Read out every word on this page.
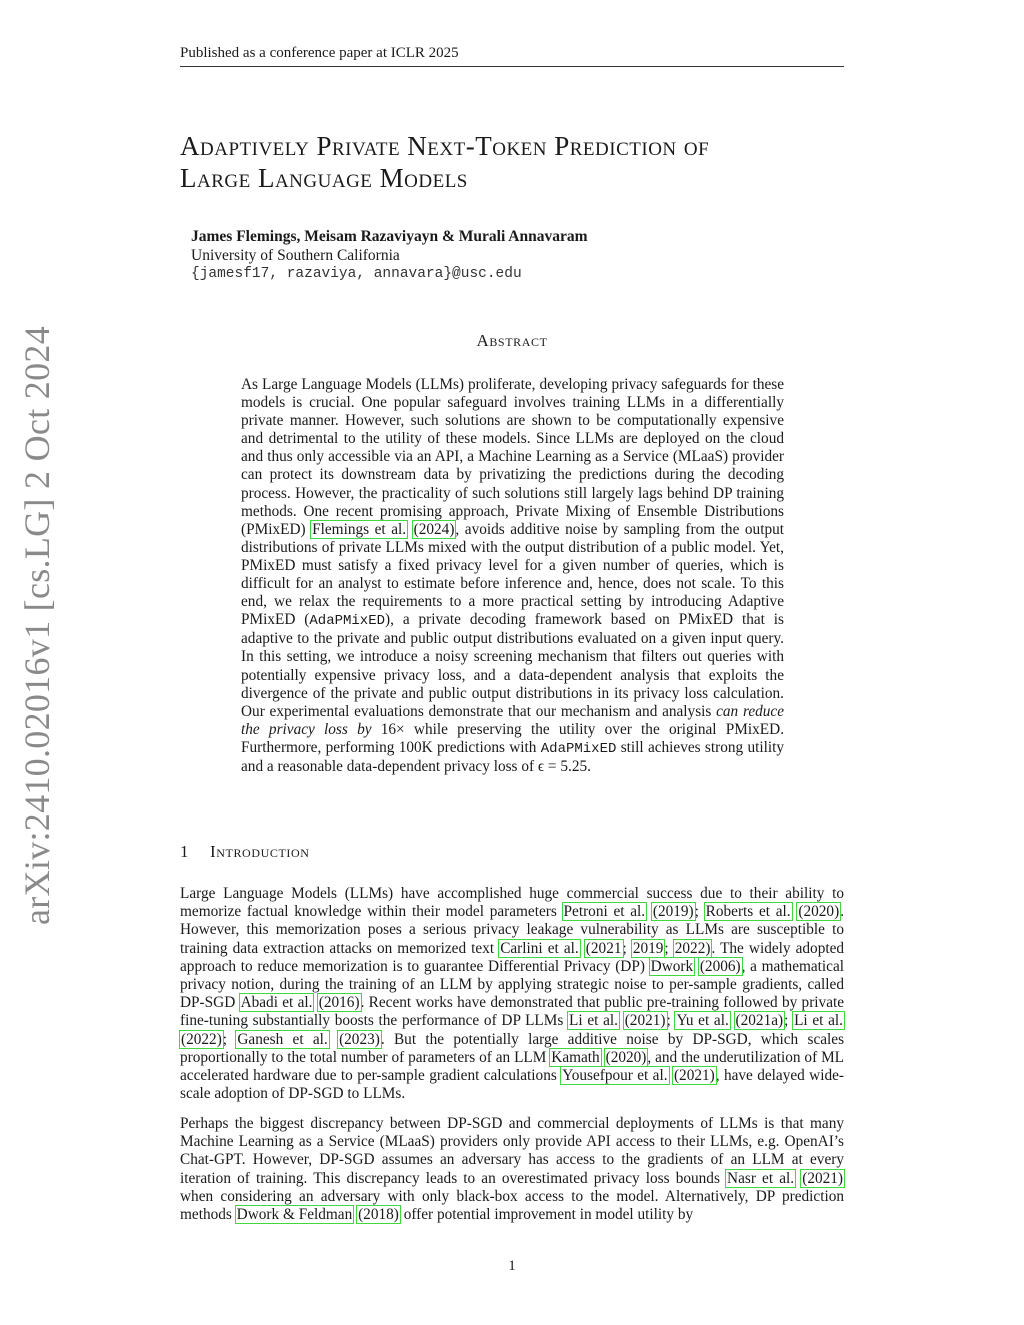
Published as a conference paper at ICLR 2025
arXiv:2410.02016v1 [cs.LG] 2 Oct 2024
Adaptively Private Next-Token Prediction of
Large Language Models
James Flemings, Meisam Razaviyayn & Murali Annavaram
University of Southern California
{jamesf17, razaviya, annavara}@usc.edu
Abstract
As Large Language Models (LLMs) proliferate, developing privacy safeguards for these models is crucial. One popular safeguard involves training LLMs in a differentially private manner. However, such solutions are shown to be computationally expensive and detrimental to the utility of these models. Since LLMs are deployed on the cloud and thus only accessible via an API, a Machine Learning as a Service (MLaaS) provider can protect its downstream data by privatizing the predictions during the decoding process. However, the practicality of such solutions still largely lags behind DP training methods. One recent promising approach, Private Mixing of Ensemble Distributions (PMixED) Flemings et al. (2024), avoids additive noise by sampling from the output distributions of private LLMs mixed with the output distribution of a public model. Yet, PMixED must satisfy a fixed privacy level for a given number of queries, which is difficult for an analyst to estimate before inference and, hence, does not scale. To this end, we relax the requirements to a more practical setting by introducing Adaptive PMixED (AdaPMixED), a private decoding framework based on PMixED that is adaptive to the private and public output distributions evaluated on a given input query. In this setting, we introduce a noisy screening mechanism that filters out queries with potentially expensive privacy loss, and a data-dependent analysis that exploits the divergence of the private and public output distributions in its privacy loss calculation. Our experimental evaluations demonstrate that our mechanism and analysis can reduce the privacy loss by 16× while preserving the utility over the original PMixED. Furthermore, performing 100K predictions with AdaPMixED still achieves strong utility and a reasonable data-dependent privacy loss of ϵ = 5.25.
1 Introduction
Large Language Models (LLMs) have accomplished huge commercial success due to their ability to memorize factual knowledge within their model parameters Petroni et al. (2019); Roberts et al. (2020). However, this memorization poses a serious privacy leakage vulnerability as LLMs are susceptible to training data extraction attacks on memorized text Carlini et al. (2021; 2019; 2022). The widely adopted approach to reduce memorization is to guarantee Differential Privacy (DP) Dwork (2006), a mathematical privacy notion, during the training of an LLM by applying strategic noise to per-sample gradients, called DP-SGD Abadi et al. (2016). Recent works have demonstrated that public pre-training followed by private fine-tuning substantially boosts the performance of DP LLMs Li et al. (2021); Yu et al. (2021a); Li et al. (2022); Ganesh et al. (2023). But the potentially large additive noise by DP-SGD, which scales proportionally to the total number of parameters of an LLM Kamath (2020), and the underutilization of ML accelerated hardware due to per-sample gradient calculations Yousefpour et al. (2021), have delayed wide-scale adoption of DP-SGD to LLMs.
Perhaps the biggest discrepancy between DP-SGD and commercial deployments of LLMs is that many Machine Learning as a Service (MLaaS) providers only provide API access to their LLMs, e.g. OpenAI’s Chat-GPT. However, DP-SGD assumes an adversary has access to the gradients of an LLM at every iteration of training. This discrepancy leads to an overestimated privacy loss bounds Nasr et al. (2021) when considering an adversary with only black-box access to the model. Alternatively, DP prediction methods Dwork & Feldman (2018) offer potential improvement in model utility by
1
